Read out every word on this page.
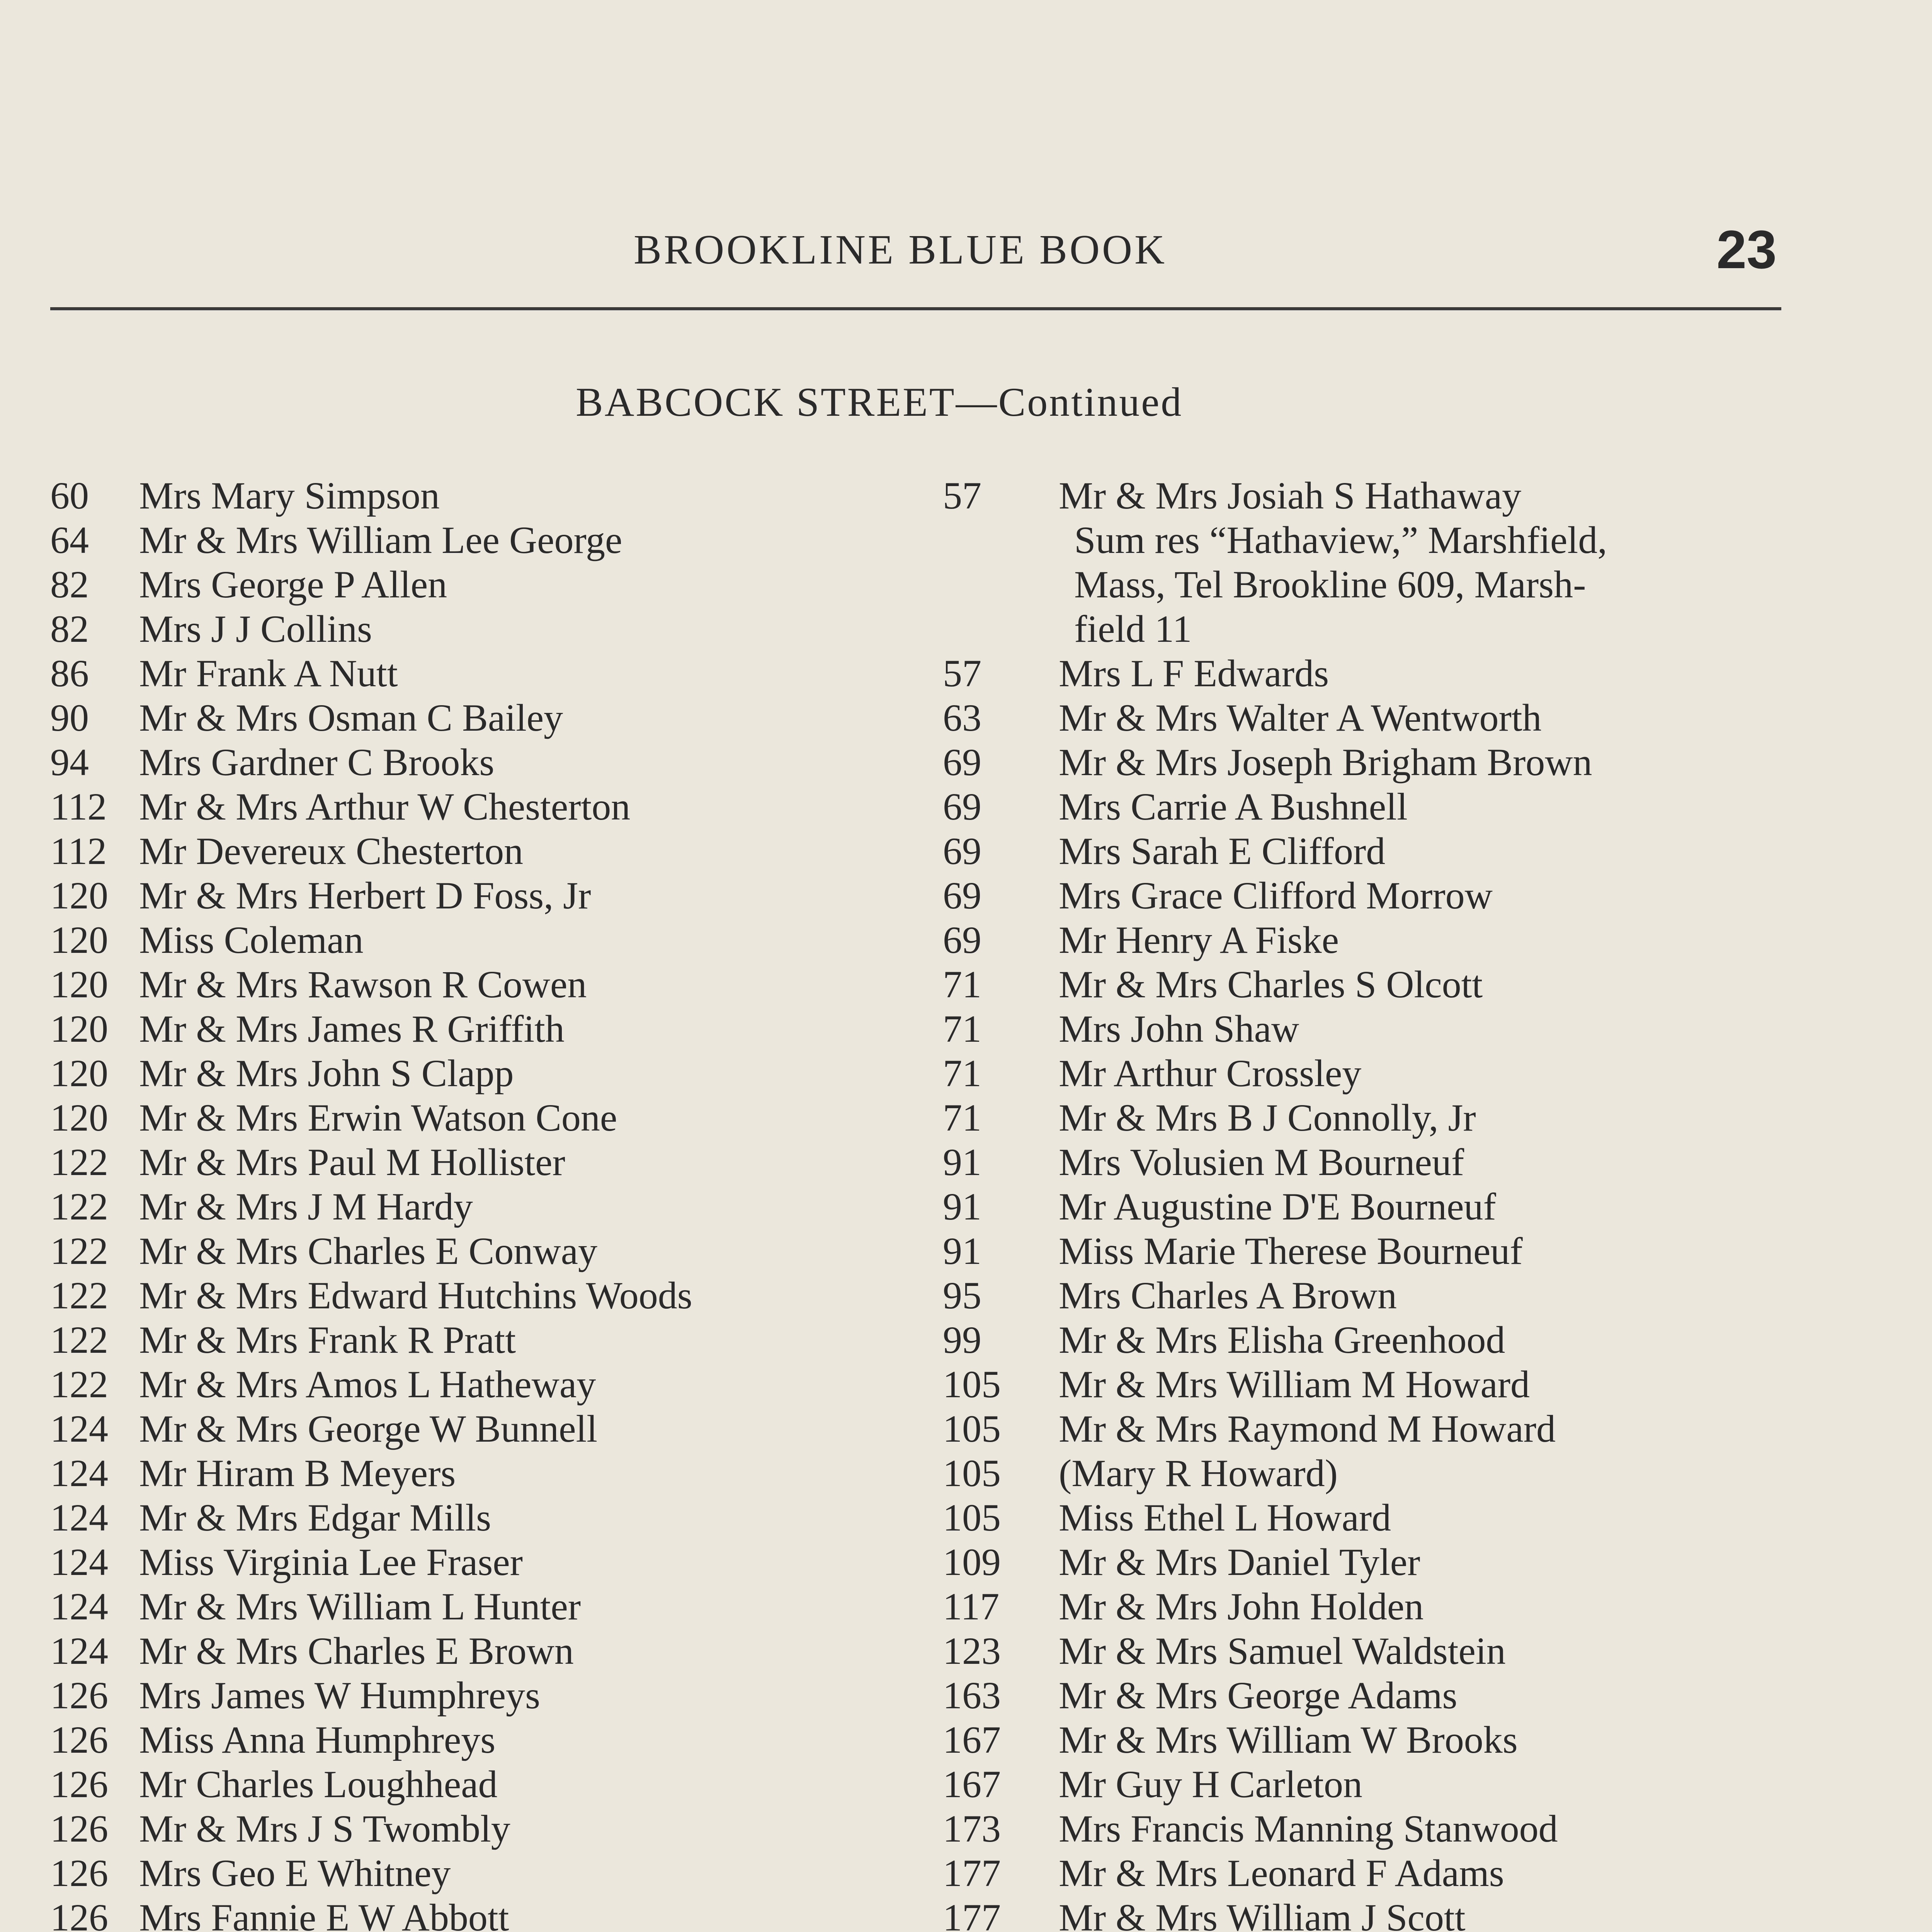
BROOKLINE BLUE BOOK	23
BABCOCK STREET—Continued
60	Mrs Mary Simpson
64	Mr & Mrs William Lee George
82	Mrs George P Allen
82	Mrs J J Collins
86	Mr Frank A Nutt
90	Mr & Mrs Osman C Bailey
94	Mrs Gardner C Brooks
112 Mr & Mrs Arthur W Chesterton
112 Mr Devereux Chesterton
120 Mr & Mrs Herbert D Foss, Jr
120 Miss Coleman
120 Mr & Mrs Rawson R Cowen
120 Mr & Mrs James R Griffith
120 Mr & Mrs John S Clapp
120 Mr & Mrs Erwin Watson Cone
122 Mr & Mrs Paul M Hollister
122 Mr & Mrs J M Hardy
122 Mr & Mrs Charles E Conway
122 Mr & Mrs Edward Hutchins Woods
122 Mr & Mrs Frank R Pratt
122 Mr & Mrs Amos L Hatheway
124 Mr & Mrs George W Bunnell
124 Mr Hiram B Meyers
124 Mr & Mrs Edgar Mills
124 Miss Virginia Lee Fraser
124 Mr & Mrs William L Hunter
124 Mr & Mrs Charles E Brown
126 Mrs James W Humphreys
126 Miss Anna Humphreys
126 Mr Charles Loughhead
126 Mr & Mrs J S Twombly
126 Mrs Geo E Whitney
126 Mrs Fannie E W Abbott
57	Mr & Mrs Josiah S Hathaway
Sum res “Hathaview,” Marshfield,
Mass, Tel Brookline 609, Marsh-
field 11
57	Mrs L F Edwards
63	Mr & Mrs Walter A Wentworth
69	Mr & Mrs Joseph Brigham Brown
69	Mrs Carrie A Bushnell
69	Mrs Sarah E Clifford
69	Mrs Grace Clifford Morrow
69	Mr Henry A Fiske
71	Mr & Mrs Charles S Olcott
71	Mrs John Shaw
71	Mr Arthur Crossley
71	Mr & Mrs B J Connolly, Jr
91	Mrs Volusien M Bourneuf
91	Mr Augustine D'E Bourneuf
91	Miss Marie Therese Bourneuf
95	Mrs Charles A Brown
99	Mr & Mrs Elisha Greenhood
105	Mr & Mrs William M Howard
105	Mr & Mrs Raymond M Howard
105	(Mary R Howard)
105	Miss Ethel L Howard
109	Mr & Mrs Daniel Tyler
117	Mr & Mrs John Holden
123	Mr & Mrs Samuel Waldstein
163	Mr & Mrs George Adams
167	Mr & Mrs William W Brooks
167	Mr Guy H Carleton
173	Mrs Francis Manning Stanwood
177	Mr & Mrs Leonard F Adams
177	Mr & Mrs William J Scott
